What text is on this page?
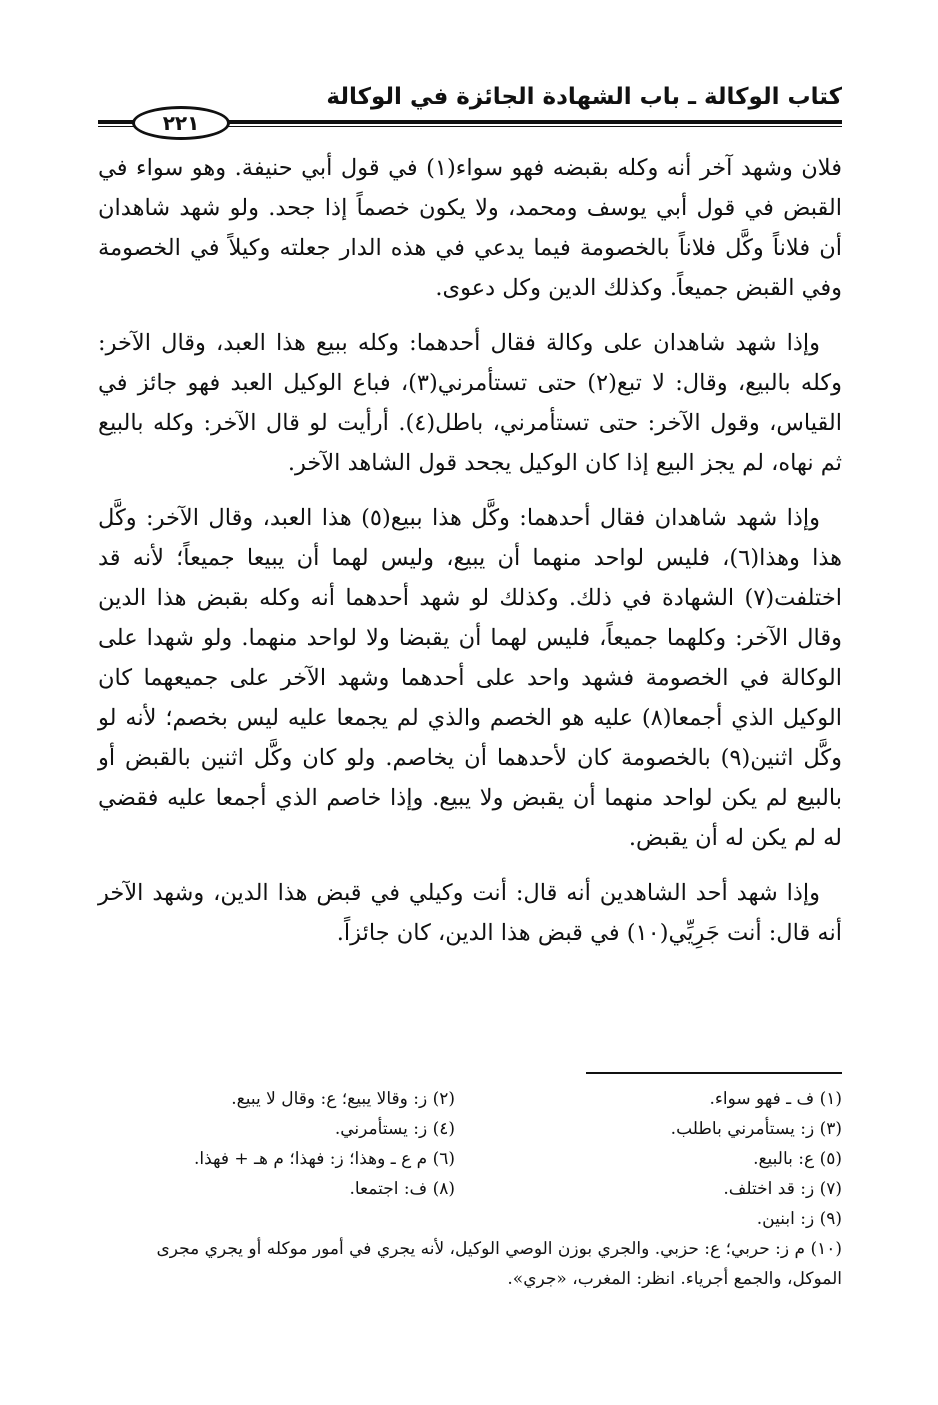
كتاب الوكالة ـ باب الشهادة الجائزة في الوكالة
٢٢١

فلان وشهد آخر أنه وكله بقبضه فهو سواء(١) في قول أبي حنيفة. وهو سواء في القبض في قول أبي يوسف ومحمد، ولا يكون خصماً إذا جحد. ولو شهد شاهدان أن فلاناً وكَّل فلاناً بالخصومة فيما يدعي في هذه الدار جعلته وكيلاً في الخصومة وفي القبض جميعاً. وكذلك الدين وكل دعوى.

وإذا شهد شاهدان على وكالة فقال أحدهما: وكله ببيع هذا العبد، وقال الآخر: وكله بالبيع، وقال: لا تبع(٢) حتى تستأمرني(٣)، فباع الوكيل العبد فهو جائز في القياس، وقول الآخر: حتى تستأمرني، باطل(٤). أرأيت لو قال الآخر: وكله بالبيع ثم نهاه، لم يجز البيع إذا كان الوكيل يجحد قول الشاهد الآخر.

وإذا شهد شاهدان فقال أحدهما: وكَّل هذا ببيع(٥) هذا العبد، وقال الآخر: وكَّل هذا وهذا(٦)، فليس لواحد منهما أن يبيع، وليس لهما أن يبيعا جميعاً؛ لأنه قد اختلفت(٧) الشهادة في ذلك. وكذلك لو شهد أحدهما أنه وكله بقبض هذا الدين وقال الآخر: وكلهما جميعاً، فليس لهما أن يقبضا ولا لواحد منهما. ولو شهدا على الوكالة في الخصومة فشهد واحد على أحدهما وشهد الآخر على جميعهما كان الوكيل الذي أجمعا(٨) عليه هو الخصم والذي لم يجمعا عليه ليس بخصم؛ لأنه لو وكَّل اثنين(٩) بالخصومة كان لأحدهما أن يخاصم. ولو كان وكَّل اثنين بالقبض أو بالبيع لم يكن لواحد منهما أن يقبض ولا يبيع. وإذا خاصم الذي أجمعا عليه فقضي له لم يكن له أن يقبض.

وإذا شهد أحد الشاهدين أنه قال: أنت وكيلي في قبض هذا الدين، وشهد الآخر أنه قال: أنت جَرِيِّي(١٠) في قبض هذا الدين، كان جائزاً.

(١) ف ـ فهو سواء.
(٢) ز: وقالا يبيع؛ ع: وقال لا يبيع.
(٣) ز: يستأمرني باطلب.
(٤) ز: يستأمرني.
(٥) ع: بالبيع.
(٦) م ع ـ وهذا؛ ز: فهذا؛ م هـ + فهذا.
(٧) ز: قد اختلف.
(٨) ف: اجتمعا.
(٩) ز: ابنين.
(١٠) م ز: حربي؛ ع: حزبي. والجري بوزن الوصي الوكيل، لأنه يجري في أمور موكله أو يجري مجرى الموكل، والجمع أجرياء. انظر: المغرب، «جري».
